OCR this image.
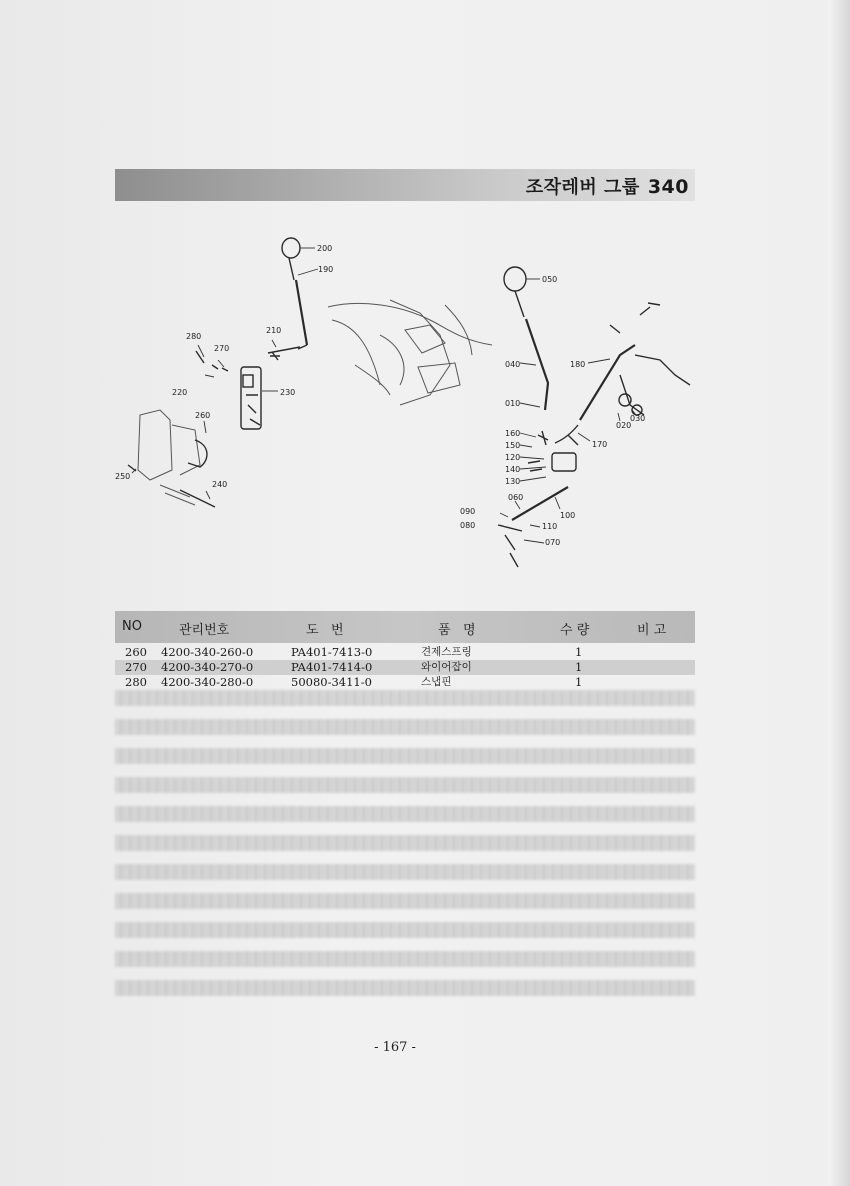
조작레버 그룹 340
200
190
280
270
210
220	230
260
250
240
050
040	180
010
160
150
120
140
130
060
090
080
100
110
070
170
020
030
NO	관리번호	도   번	품   명	수 량	비 고
260 4200-340-260-0	PA401-7413-0	견제스프링	1
270 4200-340-270-0	PA401-7414-0	와이어잡이	1
280 4200-340-280-0	50080-3411-0	스냅핀	1
- 167 -
